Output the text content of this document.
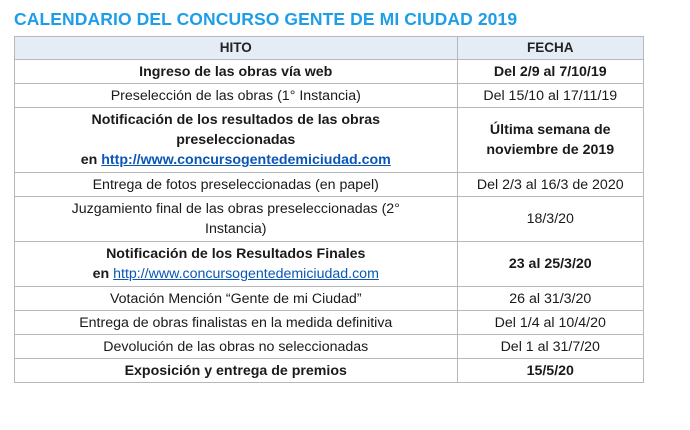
CALENDARIO DEL CONCURSO GENTE DE MI CIUDAD 2019
HITO	FECHA
Ingreso de las obras vía web	Del 2/9 al 7/10/19
Preselección de las obras (1° Instancia)	Del 15/10 al 17/11/19
Notificación de los resultados de las obras preseleccionadas
en http://www.concursogentedemiciudad.com	Última semana de noviembre de 2019
Entrega de fotos preseleccionadas (en papel)	Del 2/3 al 16/3 de 2020
Juzgamiento final de las obras preseleccionadas (2° Instancia)	18/3/20
Notificación de los Resultados Finales
en http://www.concursogentedemiciudad.com	23 al 25/3/20
Votación Mención “Gente de mi Ciudad”	26 al 31/3/20
Entrega de obras finalistas en la medida definitiva	Del 1/4 al 10/4/20
Devolución de las obras no seleccionadas	Del 1 al 31/7/20
Exposición y entrega de premios	15/5/20
